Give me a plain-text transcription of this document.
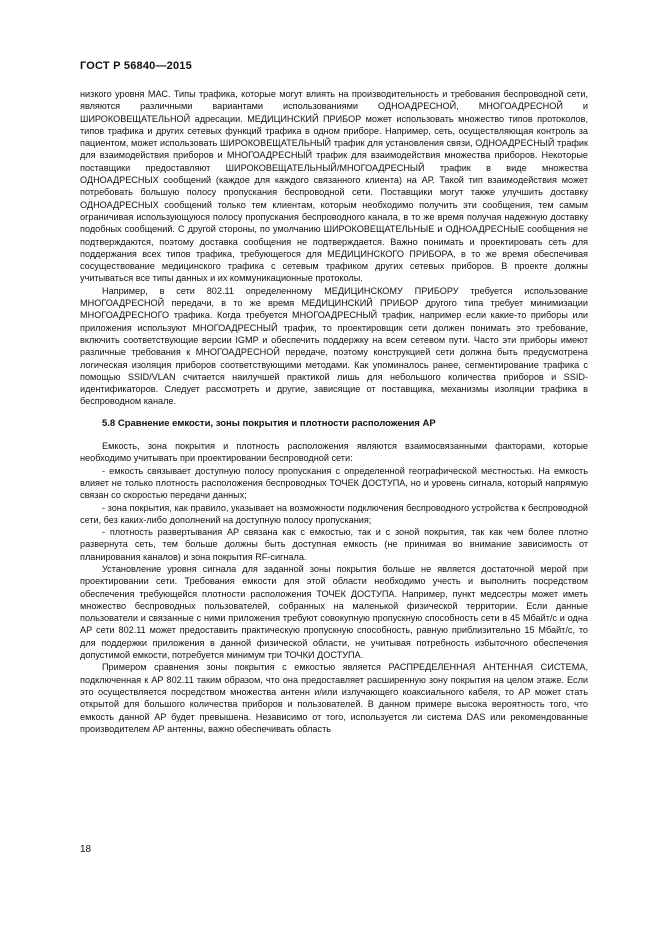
ГОСТ Р 56840—2015

низкого уровня МАС. Типы трафика, которые могут влиять на производительность и требования беспроводной сети, являются различными вариантами использованиями ОДНОАДРЕСНОЙ, МНОГОАДРЕСНОЙ и ШИРОКОВЕЩАТЕЛЬНОЙ адресации. МЕДИЦИНСКИЙ ПРИБОР может использовать множество типов протоколов, типов трафика и других сетевых функций трафика в одном приборе. Например, сеть, осуществляющая контроль за пациентом, может использовать ШИРОКОВЕЩАТЕЛЬНЫЙ трафик для установления связи, ОДНОАДРЕСНЫЙ трафик для взаимодействия приборов и МНОГОАДРЕСНЫЙ трафик для взаимодействия множества приборов. Некоторые поставщики предоставляют ШИРОКОВЕЩАТЕЛЬНЫЙ/МНОГОАДРЕСНЫЙ трафик в виде множества ОДНОАДРЕСНЫХ сообщений (каждое для каждого связанного клиента) на АР. Такой тип взаимодействия может потребовать большую полосу пропускания беспроводной сети. Поставщики могут также улучшить доставку ОДНОАДРЕСНЫХ сообщений только тем клиентам, которым необходимо получить эти сообщения, тем самым ограничивая использующуюся полосу пропускания беспроводного канала, в то же время получая надежную доставку подобных сообщений. С другой стороны, по умолчанию ШИРОКОВЕЩАТЕЛЬНЫЕ и ОДНОАДРЕСНЫЕ сообщения не подтверждаются, поэтому доставка сообщения не подтверждается. Важно понимать и проектировать сеть для поддержания всех типов трафика, требующегося для МЕДИЦИНСКОГО ПРИБОРА, в то же время обеспечивая сосуществование медицинского трафика с сетевым трафиком других сетевых приборов. В проекте должны учитываться все типы данных и их коммуникационные протоколы.

Например, в сети 802.11 определенному МЕДИЦИНСКОМУ ПРИБОРУ требуется использование МНОГОАДРЕСНОЙ передачи, в то же время МЕДИЦИНСКИЙ ПРИБОР другого типа требует минимизации МНОГОАДРЕСНОГО трафика. Когда требуется МНОГОАДРЕСНЫЙ трафик, например если какие-то приборы или приложения используют МНОГОАДРЕСНЫЙ трафик, то проектировщик сети должен понимать это требование, включить соответствующие версии IGMP и обеспечить поддержку на всем сетевом пути. Часто эти приборы имеют различные требования к МНОГОАДРЕСНОЙ передаче, поэтому конструкцией сети должна быть предусмотрена логическая изоляция приборов соответствующими методами. Как упоминалось ранее, сегментирование трафика с помощью SSID/VLAN считается наилучшей практикой лишь для небольшого количества приборов и SSID-идентификаторов. Следует рассмотреть и другие, зависящие от поставщика, механизмы изоляции трафика в беспроводном канале.

5.8 Сравнение емкости, зоны покрытия и плотности расположения АР

Емкость, зона покрытия и плотность расположения являются взаимосвязанными факторами, которые необходимо учитывать при проектировании беспроводной сети:

- емкость связывает доступную полосу пропускания с определенной географической местностью. На емкость влияет не только плотность расположения беспроводных ТОЧЕК ДОСТУПА, но и уровень сигнала, который напрямую связан со скоростью передачи данных;

- зона покрытия, как правило, указывает на возможности подключения беспроводного устройства к беспроводной сети, без каких-либо дополнений на доступную полосу пропускания;

- плотность развертывания АР связана как с емкостью, так и с зоной покрытия, так как чем более плотно развернута сеть, тем больше должны быть доступная емкость (не принимая во внимание зависимость от планирования каналов) и зона покрытия RF-сигнала.

Установление уровня сигнала для заданной зоны покрытия больше не является достаточной мерой при проектировании сети. Требования емкости для этой области необходимо учесть и выполнить посредством обеспечения требующейся плотности расположения ТОЧЕК ДОСТУПА. Например, пункт медсестры может иметь множество беспроводных пользователей, собранных на маленькой физической территории. Если данные пользователи и связанные с ними приложения требуют совокупную пропускную способность сети в 45 Мбайт/с и одна АР сети 802.11 может предоставить практическую пропускную способность, равную приблизительно 15 Мбайт/с, то для поддержки приложения в данной физической области, не учитывая потребность избыточного обеспечения допустимой емкости, потребуется минимум три ТОЧКИ ДОСТУПА.

Примером сравнения зоны покрытия с емкостью является РАСПРЕДЕЛЕННАЯ АНТЕННАЯ СИСТЕМА, подключенная к АР 802.11 таким образом, что она предоставляет расширенную зону покрытия на целом этаже. Если это осуществляется посредством множества антенн и/или излучающего коаксиального кабеля, то АР может стать открытой для большого количества приборов и пользователей. В данном примере высока вероятность того, что емкость данной АР будет превышена. Независимо от того, используется ли система DAS или рекомендованные производителем АР антенны, важно обеспечивать область

18
